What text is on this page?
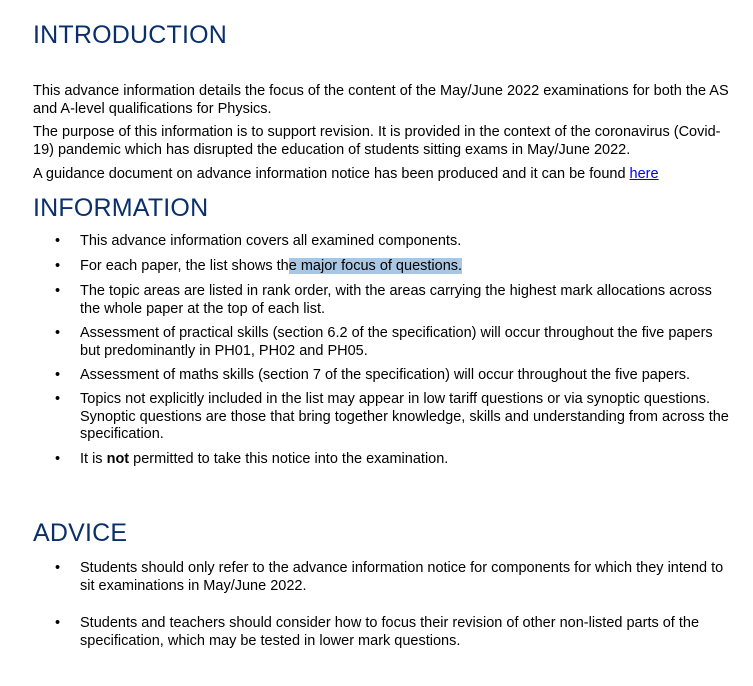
INTRODUCTION

This advance information details the focus of the content of the May/June 2022 examinations for both the AS and A-level qualifications for Physics.

The purpose of this information is to support revision. It is provided in the context of the coronavirus (Covid-19) pandemic which has disrupted the education of students sitting exams in May/June 2022.

A guidance document on advance information notice has been produced and it can be found here

INFORMATION
• This advance information covers all examined components.
• For each paper, the list shows the major focus of questions.
• The topic areas are listed in rank order, with the areas carrying the highest mark allocations across the whole paper at the top of each list.
• Assessment of practical skills (section 6.2 of the specification) will occur throughout the five papers but predominantly in PH01, PH02 and PH05.
• Assessment of maths skills (section 7 of the specification) will occur throughout the five papers.
• Topics not explicitly included in the list may appear in low tariff questions or via synoptic questions. Synoptic questions are those that bring together knowledge, skills and understanding from across the specification.
• It is not permitted to take this notice into the examination.
ADVICE
• Students should only refer to the advance information notice for components for which they intend to sit examinations in May/June 2022.
• Students and teachers should consider how to focus their revision of other non-listed parts of the specification, which may be tested in lower mark questions.
